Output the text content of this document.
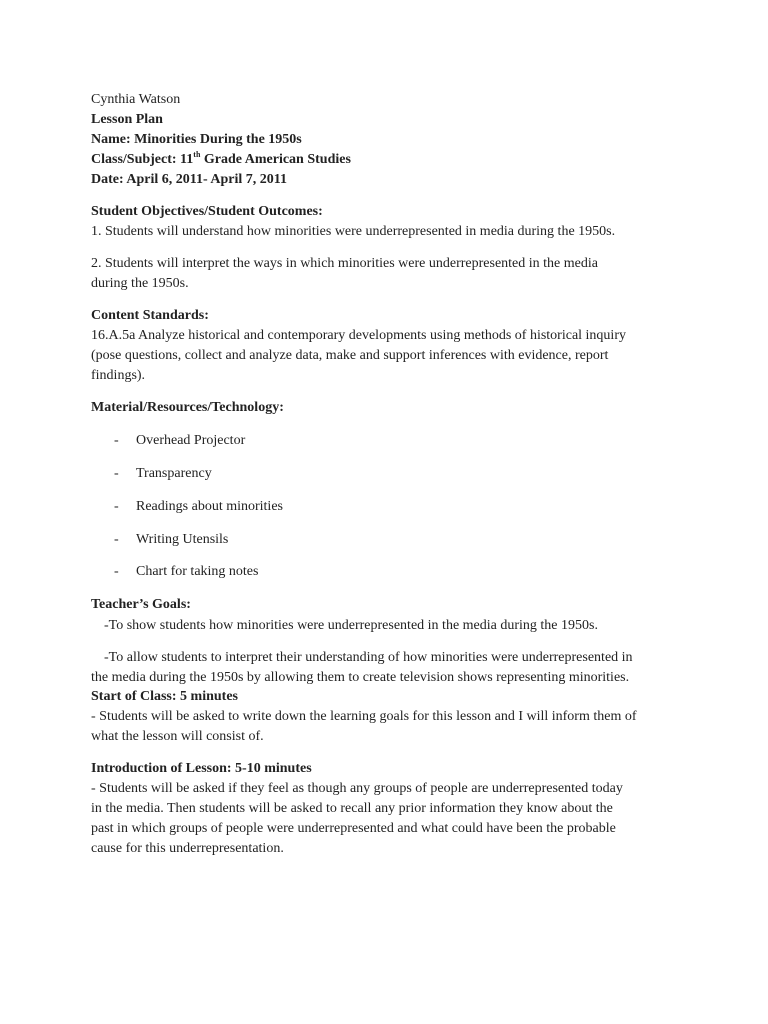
Cynthia Watson
Lesson Plan
Name: Minorities During the 1950s
Class/Subject: 11th Grade American Studies
Date: April 6, 2011- April 7, 2011
Student Objectives/Student Outcomes:
1. Students will understand how minorities were underrepresented in media during the 1950s.
2. Students will interpret the ways in which minorities were underrepresented in the media
during the 1950s.
Content Standards:
16.A.5a Analyze historical and contemporary developments using methods of historical inquiry
(pose questions, collect and analyze data, make and support inferences with evidence, report
findings).
Material/Resources/Technology:
- Overhead Projector
- Transparency
- Readings about minorities
- Writing Utensils
- Chart for taking notes
Teacher’s Goals:
-To show students how minorities were underrepresented in the media during the 1950s.
-To allow students to interpret their understanding of how minorities were underrepresented in
the media during the 1950s by allowing them to create television shows representing minorities.
Start of Class: 5 minutes
- Students will be asked to write down the learning goals for this lesson and I will inform them of
what the lesson will consist of.
Introduction of Lesson: 5-10 minutes
- Students will be asked if they feel as though any groups of people are underrepresented today
in the media. Then students will be asked to recall any prior information they know about the
past in which groups of people were underrepresented and what could have been the probable
cause for this underrepresentation.
